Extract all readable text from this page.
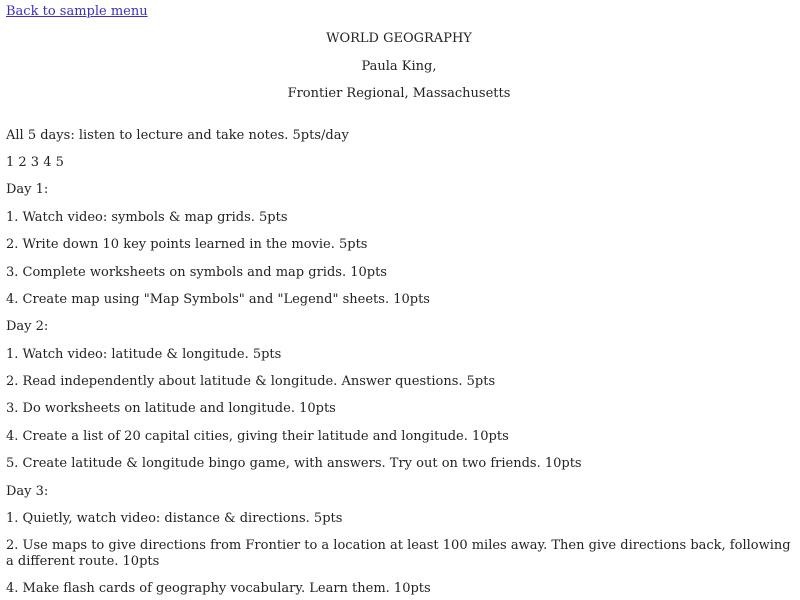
Back to sample menu

WORLD GEOGRAPHY

Paula King,

Frontier Regional, Massachusetts

All 5 days: listen to lecture and take notes. 5pts/day

1 2 3 4 5

Day 1:

1. Watch video: symbols & map grids. 5pts

2. Write down 10 key points learned in the movie. 5pts

3. Complete worksheets on symbols and map grids. 10pts

4. Create map using "Map Symbols" and "Legend" sheets. 10pts

Day 2:

1. Watch video: latitude & longitude. 5pts

2. Read independently about latitude & longitude. Answer questions. 5pts

3. Do worksheets on latitude and longitude. 10pts

4. Create a list of 20 capital cities, giving their latitude and longitude. 10pts

5. Create latitude & longitude bingo game, with answers. Try out on two friends. 10pts

Day 3:

1. Quietly, watch video: distance & directions. 5pts

2. Use maps to give directions from Frontier to a location at least 100 miles away. Then give directions back, following a different route. 10pts

4. Make flash cards of geography vocabulary. Learn them. 10pts
